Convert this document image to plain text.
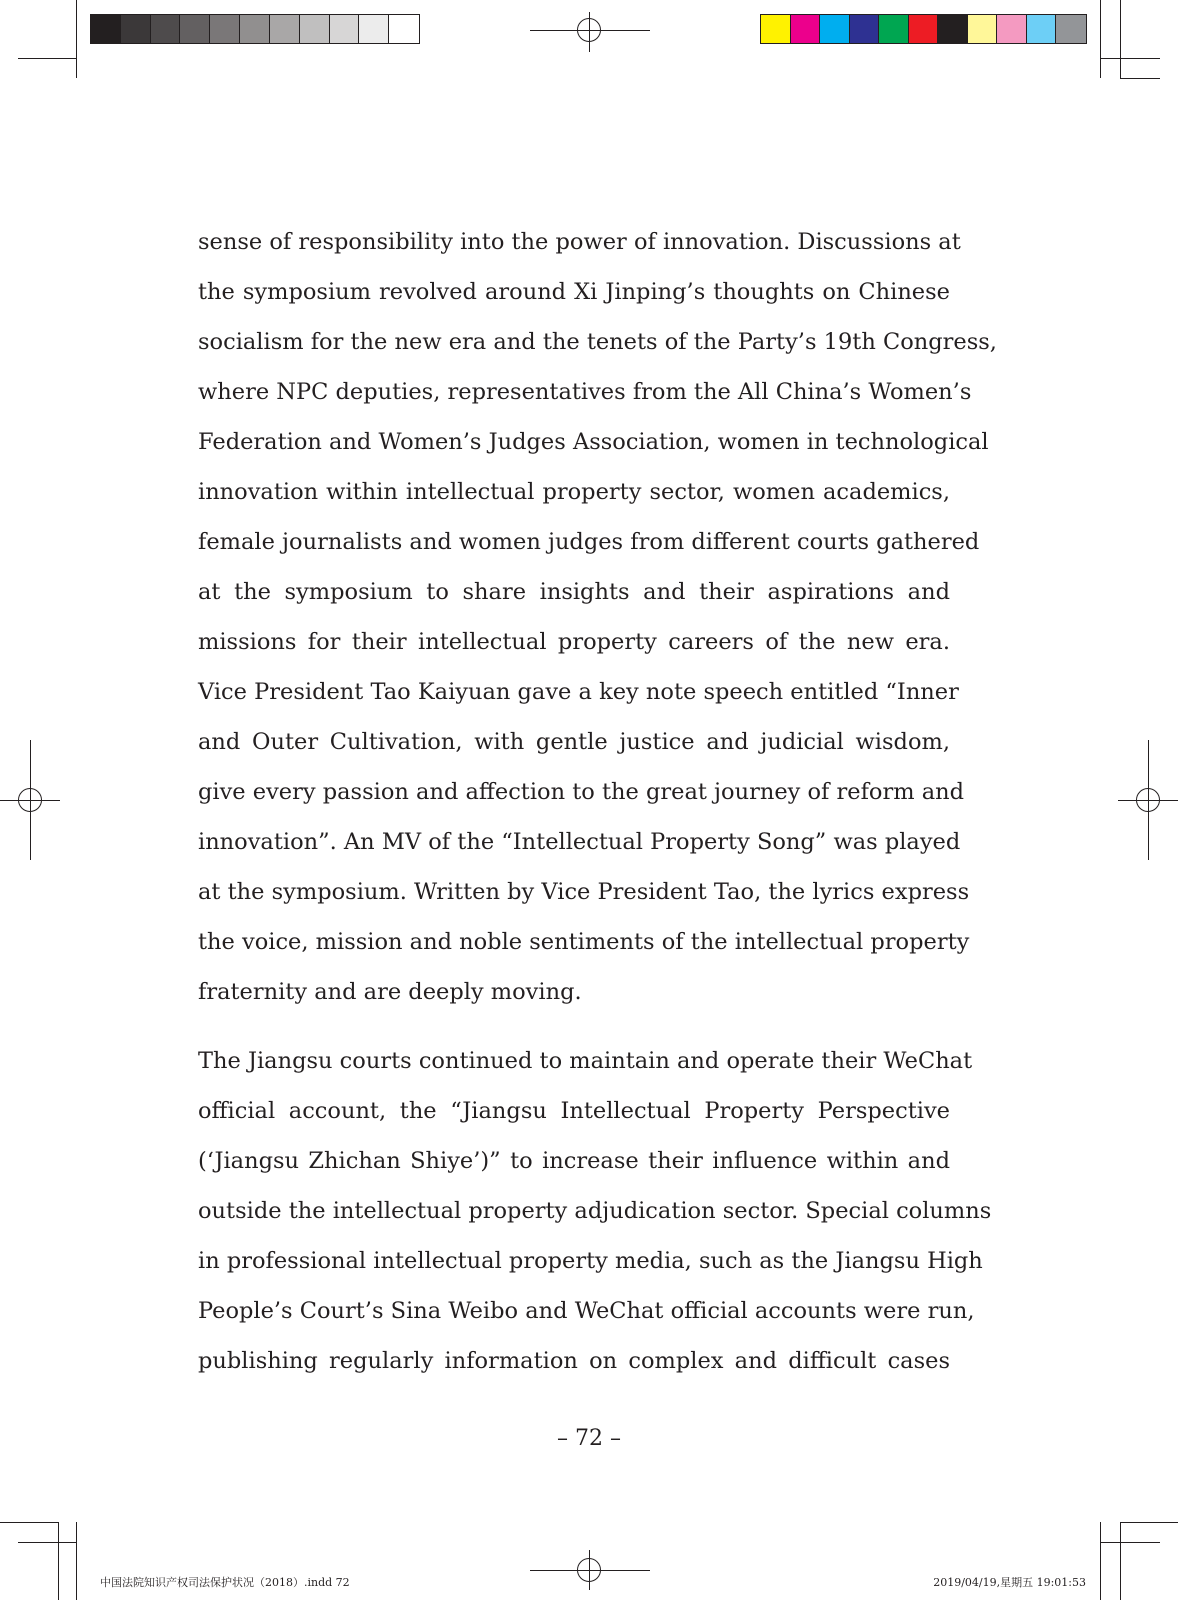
sense of responsibility into the power of innovation. Discussions at
the symposium revolved around Xi Jinping’s thoughts on Chinese
socialism for the new era and the tenets of the Party’s 19th Congress,
where NPC deputies, representatives from the All China’s Women’s
Federation and Women’s Judges Association, women in technological
innovation within intellectual property sector, women academics,
female journalists and women judges from different courts gathered
at the symposium to share insights and their aspirations and
missions for their intellectual property careers of the new era.
Vice President Tao Kaiyuan gave a key note speech entitled “Inner
and Outer Cultivation, with gentle justice and judicial wisdom,
give every passion and affection to the great journey of reform and
innovation”. An MV of the “Intellectual Property Song” was played
at the symposium. Written by Vice President Tao, the lyrics express
the voice, mission and noble sentiments of the intellectual property
fraternity and are deeply moving.
The Jiangsu courts continued to maintain and operate their WeChat
official account, the “Jiangsu Intellectual Property Perspective
(‘Jiangsu Zhichan Shiye’)” to increase their influence within and
outside the intellectual property adjudication sector. Special columns
in professional intellectual property media, such as the Jiangsu High
People’s Court’s Sina Weibo and WeChat official accounts were run,
publishing regularly information on complex and difficult cases
– 72 –
中国法院知识产权司法保护状况（2018）.indd 72	2019/04/19,星期五 19:01:53
